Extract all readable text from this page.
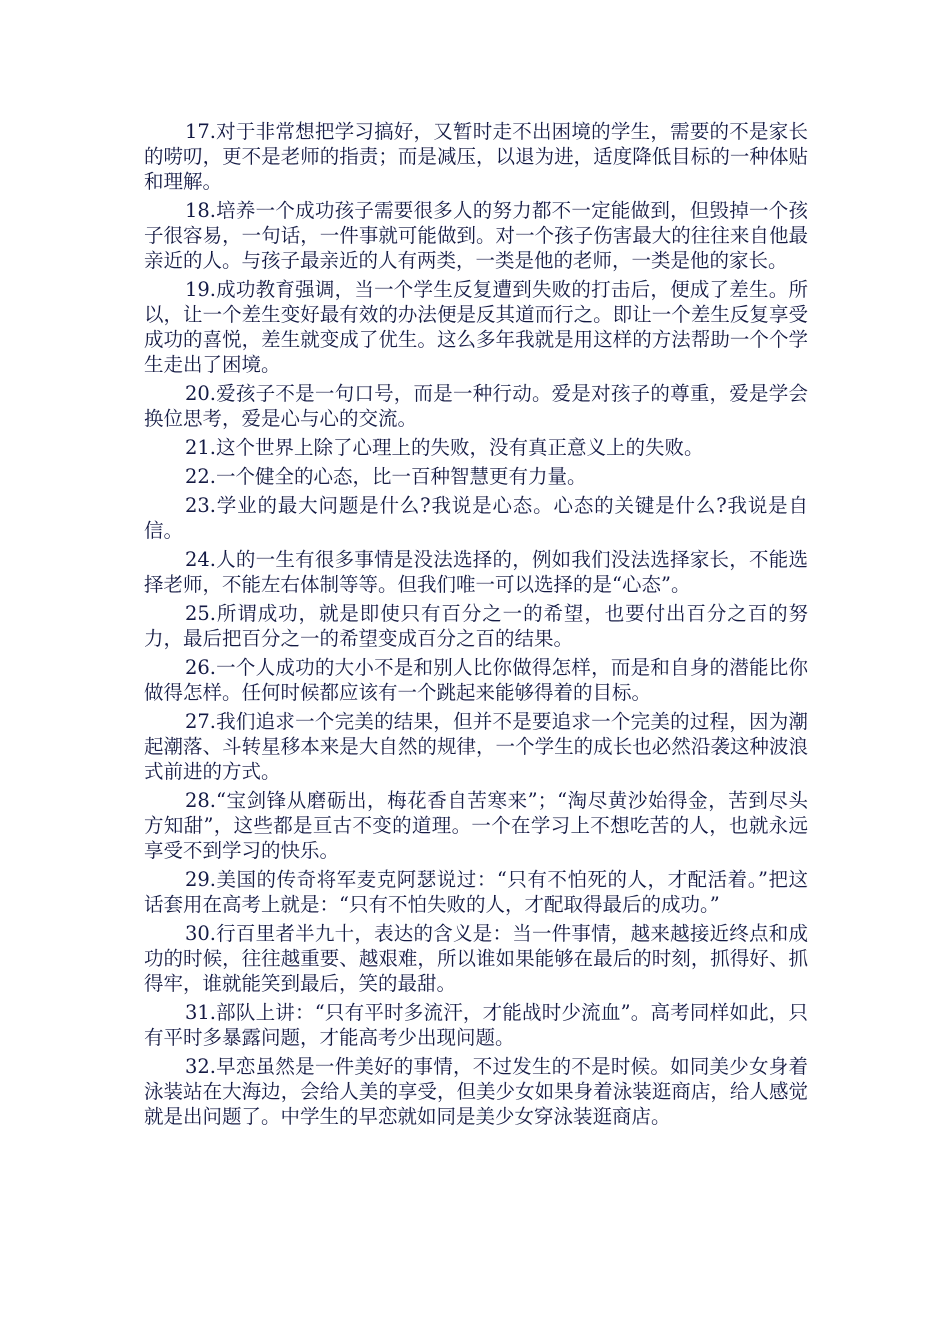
17.对于非常想把学习搞好，又暂时走不出困境的学生，需要的不是家长的唠叨，更不是老师的指责；而是减压，以退为进，适度降低目标的一种体贴和理解。

18.培养一个成功孩子需要很多人的努力都不一定能做到，但毁掉一个孩子很容易，一句话，一件事就可能做到。对一个孩子伤害最大的往往来自他最亲近的人。与孩子最亲近的人有两类，一类是他的老师，一类是他的家长。

19.成功教育强调，当一个学生反复遭到失败的打击后，便成了差生。所以，让一个差生变好最有效的办法便是反其道而行之。即让一个差生反复享受成功的喜悦，差生就变成了优生。这么多年我就是用这样的方法帮助一个个学生走出了困境。

20.爱孩子不是一句口号，而是一种行动。爱是对孩子的尊重，爱是学会换位思考，爱是心与心的交流。

21.这个世界上除了心理上的失败，没有真正意义上的失败。

22.一个健全的心态，比一百种智慧更有力量。

23.学业的最大问题是什么?我说是心态。心态的关键是什么?我说是自信。

24.人的一生有很多事情是没法选择的，例如我们没法选择家长，不能选择老师，不能左右体制等等。但我们唯一可以选择的是“心态”。

25.所谓成功，就是即使只有百分之一的希望，也要付出百分之百的努力，最后把百分之一的希望变成百分之百的结果。

26.一个人成功的大小不是和别人比你做得怎样，而是和自身的潜能比你做得怎样。任何时候都应该有一个跳起来能够得着的目标。

27.我们追求一个完美的结果，但并不是要追求一个完美的过程，因为潮起潮落、斗转星移本来是大自然的规律，一个学生的成长也必然沿袭这种波浪式前进的方式。

28.“宝剑锋从磨砺出，梅花香自苦寒来”；“淘尽黄沙始得金，苦到尽头方知甜”，这些都是亘古不变的道理。一个在学习上不想吃苦的人，也就永远享受不到学习的快乐。

29.美国的传奇将军麦克阿瑟说过：“只有不怕死的人，才配活着。”把这话套用在高考上就是：“只有不怕失败的人，才配取得最后的成功。”

30.行百里者半九十，表达的含义是：当一件事情，越来越接近终点和成功的时候，往往越重要、越艰难，所以谁如果能够在最后的时刻，抓得好、抓得牢，谁就能笑到最后，笑的最甜。

31.部队上讲：“只有平时多流汗，才能战时少流血”。高考同样如此，只有平时多暴露问题，才能高考少出现问题。

32.早恋虽然是一件美好的事情，不过发生的不是时候。如同美少女身着泳装站在大海边，会给人美的享受，但美少女如果身着泳装逛商店，给人感觉就是出问题了。中学生的早恋就如同是美少女穿泳装逛商店。
